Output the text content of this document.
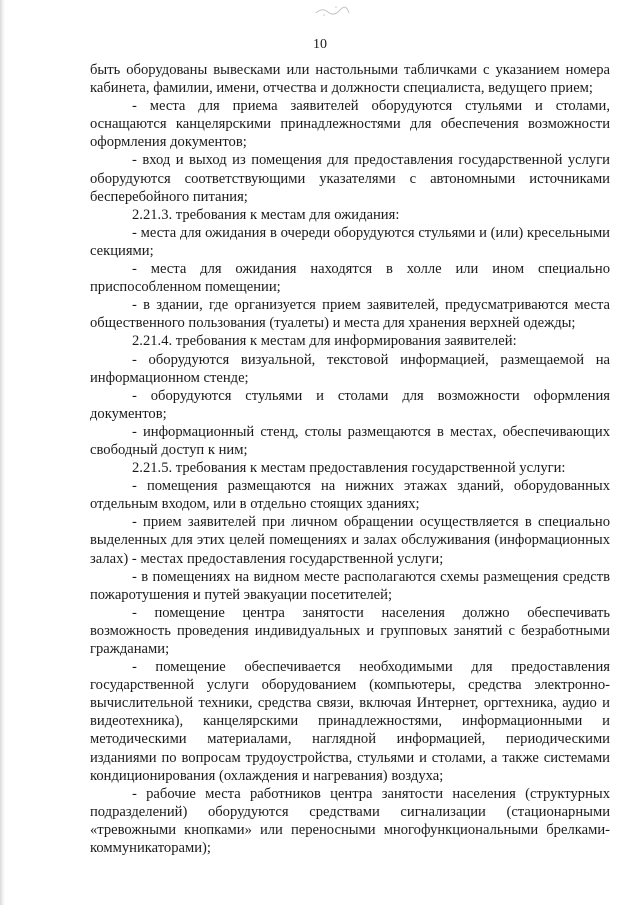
10

быть оборудованы вывесками или настольными табличками с указанием номера кабинета, фамилии, имени, отчества и должности специалиста, ведущего прием;

- места для приема заявителей оборудуются стульями и столами, оснащаются канцелярскими принадлежностями для обеспечения возможности оформления документов;

- вход и выход из помещения для предоставления государственной услуги оборудуются соответствующими указателями с автономными источниками бесперебойного питания;

2.21.3. требования к местам для ожидания:

- места для ожидания в очереди оборудуются стульями и (или) кресельными секциями;

- места для ожидания находятся в холле или ином специально приспособленном помещении;

- в здании, где организуется прием заявителей, предусматриваются места общественного пользования (туалеты) и места для хранения верхней одежды;

2.21.4. требования к местам для информирования заявителей:

- оборудуются визуальной, текстовой информацией, размещаемой на информационном стенде;

- оборудуются стульями и столами для возможности оформления документов;

- информационный стенд, столы размещаются в местах, обеспечивающих свободный доступ к ним;

2.21.5. требования к местам предоставления государственной услуги:

- помещения размещаются на нижних этажах зданий, оборудованных отдельным входом, или в отдельно стоящих зданиях;

- прием заявителей при личном обращении осуществляется в специально выделенных для этих целей помещениях и залах обслуживания (информационных залах) - местах предоставления государственной услуги;

- в помещениях на видном месте располагаются схемы размещения средств пожаротушения и путей эвакуации посетителей;

- помещение центра занятости населения должно обеспечивать возможность проведения индивидуальных и групповых занятий с безработными гражданами;

- помещение обеспечивается необходимыми для предоставления государственной услуги оборудованием (компьютеры, средства электронно-вычислительной техники, средства связи, включая Интернет, оргтехника, аудио и видеотехника), канцелярскими принадлежностями, информационными и методическими материалами, наглядной информацией, периодическими изданиями по вопросам трудоустройства, стульями и столами, а также системами кондиционирования (охлаждения и нагревания) воздуха;

- рабочие места работников центра занятости населения (структурных подразделений) оборудуются средствами сигнализации (стационарными «тревожными кнопками» или переносными многофункциональными брелками-коммуникаторами);
